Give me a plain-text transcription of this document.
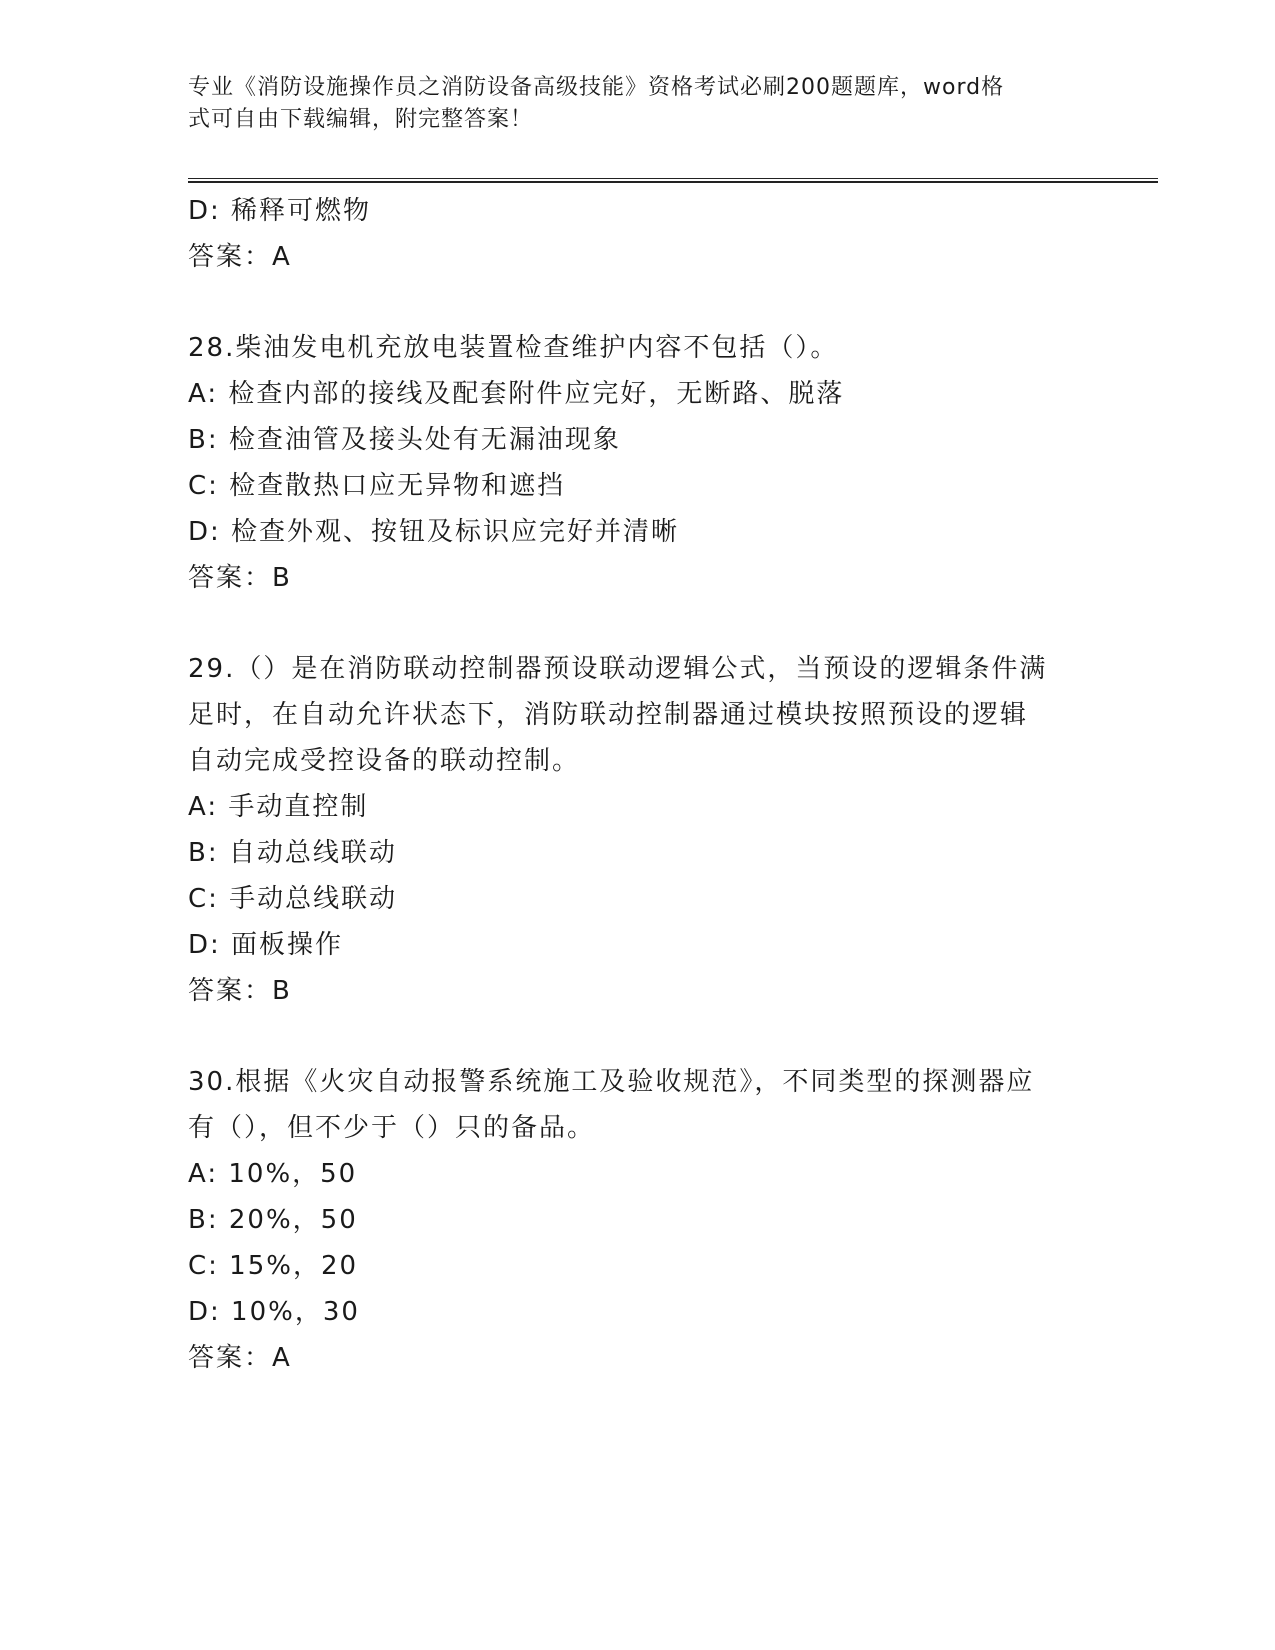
专业《消防设施操作员之消防设备高级技能》资格考试必刷200题题库，word格
式可自由下载编辑，附完整答案！
D: 稀释可燃物
答案：A
28.柴油发电机充放电装置检查维护内容不包括（）。
A: 检查内部的接线及配套附件应完好，无断路、脱落
B: 检查油管及接头处有无漏油现象
C: 检查散热口应无异物和遮挡
D: 检查外观、按钮及标识应完好并清晰
答案：B
29.（）是在消防联动控制器预设联动逻辑公式，当预设的逻辑条件满
足时，在自动允许状态下，消防联动控制器通过模块按照预设的逻辑
自动完成受控设备的联动控制。
A: 手动直控制
B: 自动总线联动
C: 手动总线联动
D: 面板操作
答案：B
30.根据《火灾自动报警系统施工及验收规范》，不同类型的探测器应
有（），但不少于（）只的备品。
A: 10%，50
B: 20%，50
C: 15%，20
D: 10%，30
答案：A
